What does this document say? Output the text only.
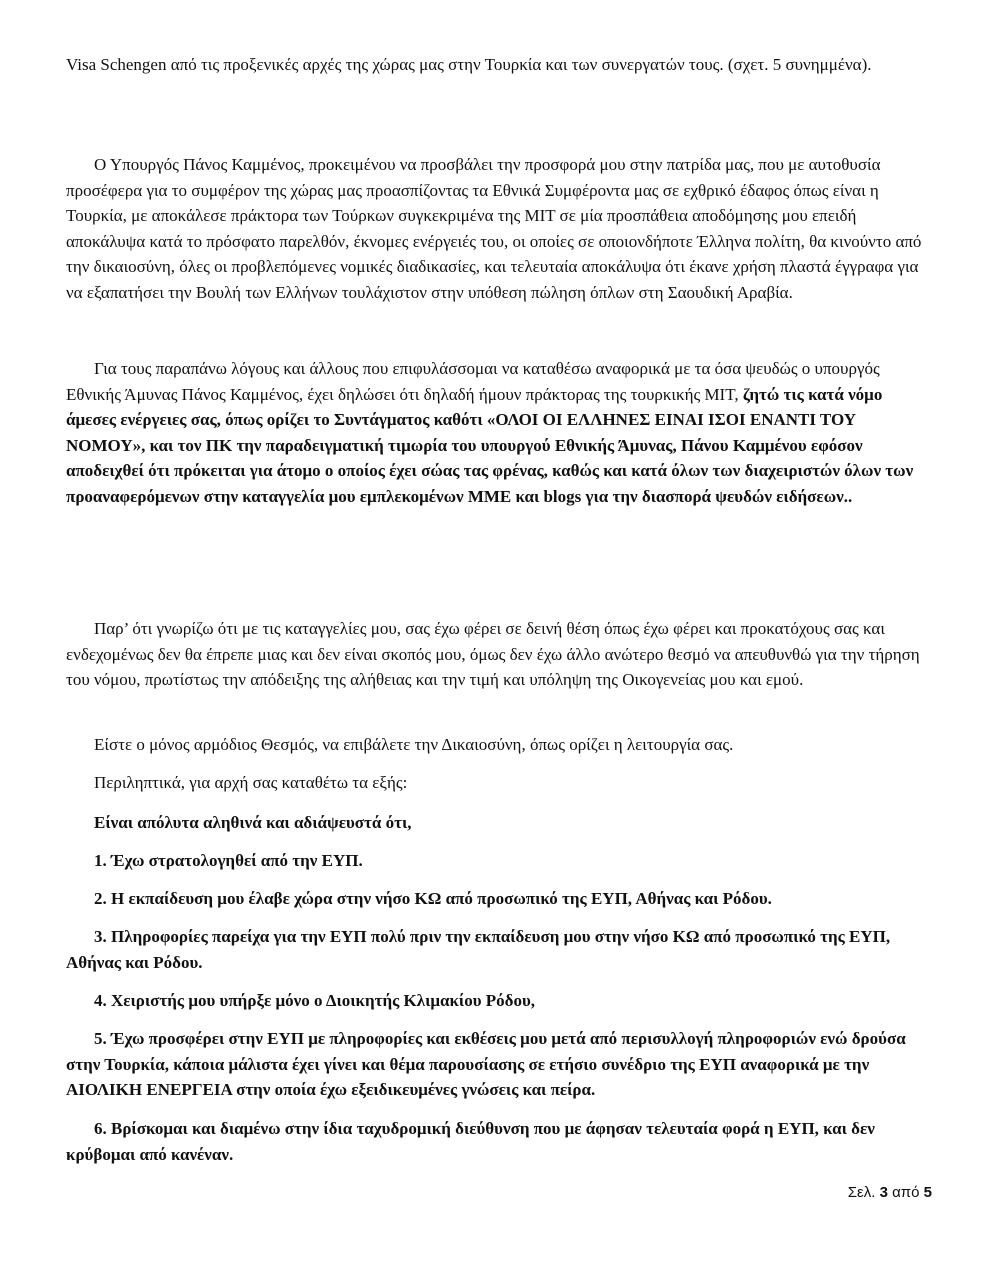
Visa Schengen από τις προξενικές αρχές της χώρας μας στην Τουρκία και των συνεργατών τους. (σχετ. 5 συνημμένα).

Ο Υπουργός Πάνος Καμμένος, προκειμένου να προσβάλει την προσφορά μου στην πατρίδα μας, που με αυτοθυσία προσέφερα για το συμφέρον της χώρας μας προασπίζοντας τα Εθνικά Συμφέροντα μας σε εχθρικό έδαφος όπως είναι η Τουρκία, με αποκάλεσε πράκτορα των Τούρκων συγκεκριμένα της ΜΙΤ σε μία προσπάθεια αποδόμησης μου επειδή αποκάλυψα κατά το πρόσφατο παρελθόν, έκνομες ενέργειές του, οι οποίες σε οποιονδήποτε Έλληνα πολίτη, θα κινούντο από την δικαιοσύνη, όλες οι προβλεπόμενες νομικές διαδικασίες, και τελευταία αποκάλυψα ότι έκανε χρήση πλαστά έγγραφα για να εξαπατήσει την Βουλή των Ελλήνων τουλάχιστον στην υπόθεση πώληση όπλων στη Σαουδική Αραβία.

Για τους παραπάνω λόγους και άλλους που επιφυλάσσομαι να καταθέσω αναφορικά με τα όσα ψευδώς ο υπουργός Εθνικής Άμυνας Πάνος Καμμένος, έχει δηλώσει ότι δηλαδή ήμουν πράκτορας της τουρκικής ΜΙΤ, ζητώ τις κατά νόμο άμεσες ενέργειες σας, όπως ορίζει το Συντάγματος καθότι «ΟΛΟΙ ΟΙ ΕΛΛΗΝΕΣ ΕΙΝΑΙ ΙΣΟΙ ΕΝΑΝΤΙ ΤΟΥ ΝΟΜΟΥ», και τον ΠΚ την παραδειγματική τιμωρία του υπουργού Εθνικής Άμυνας, Πάνου Καμμένου εφόσον αποδειχθεί ότι πρόκειται για άτομο ο οποίος έχει σώας τας φρένας, καθώς και κατά όλων των διαχειριστών όλων των προαναφερόμενων στην καταγγελία μου εμπλεκομένων ΜΜΕ και blogs για την διασπορά ψευδών ειδήσεων..

Παρ’ ότι γνωρίζω ότι με τις καταγγελίες μου, σας έχω φέρει σε δεινή θέση όπως έχω φέρει και προκατόχους σας και ενδεχομένως δεν θα έπρεπε μιας και δεν είναι σκοπός μου, όμως δεν έχω άλλο ανώτερο θεσμό να απευθυνθώ για την τήρηση του νόμου, πρωτίστως την απόδειξης της αλήθειας και την τιμή και υπόληψη της Οικογενείας μου και εμού.

Είστε ο μόνος αρμόδιος Θεσμός, να επιβάλετε την Δικαιοσύνη, όπως ορίζει η λειτουργία σας.

Περιληπτικά, για αρχή σας καταθέτω τα εξής:

Είναι απόλυτα αληθινά και αδιάψευστά ότι,

1. Έχω στρατολογηθεί από την ΕΥΠ.

2. Η εκπαίδευση μου έλαβε χώρα στην νήσο ΚΩ από προσωπικό της ΕΥΠ, Αθήνας και Ρόδου.

3. Πληροφορίες παρείχα για την ΕΥΠ πολύ πριν την εκπαίδευση μου στην νήσο ΚΩ από προσωπικό της ΕΥΠ, Αθήνας και Ρόδου.

4. Χειριστής μου υπήρξε μόνο ο Διοικητής Κλιμακίου Ρόδου,

5. Έχω προσφέρει στην ΕΥΠ με πληροφορίες και εκθέσεις μου μετά από περισυλλογή πληροφοριών ενώ δρούσα στην Τουρκία, κάποια μάλιστα έχει γίνει και θέμα παρουσίασης σε ετήσιο συνέδριο της ΕΥΠ αναφορικά με την ΑΙΟΛΙΚΗ ΕΝΕΡΓΕΙΑ στην οποία έχω εξειδικευμένες γνώσεις και πείρα.

6. Βρίσκομαι και διαμένω στην ίδια ταχυδρομική διεύθυνση που με άφησαν τελευταία φορά η ΕΥΠ, και δεν κρύβομαι από κανέναν.

Σελ. 3 από 5
